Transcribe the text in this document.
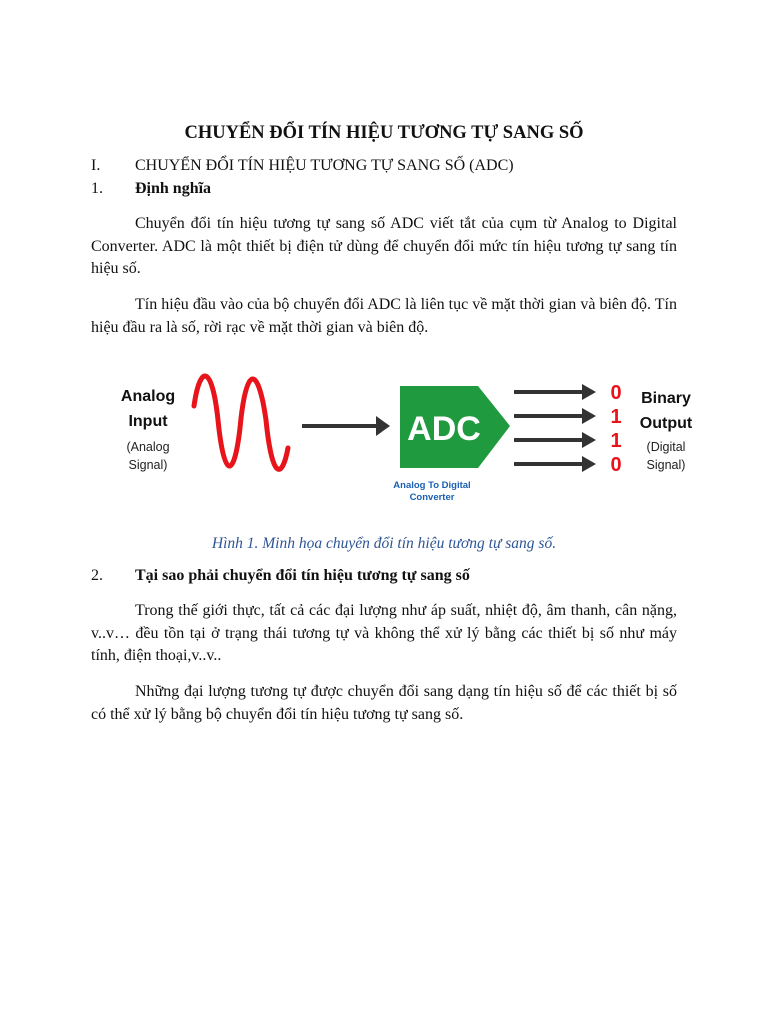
CHUYỂN ĐỔI TÍN HIỆU TƯƠNG TỰ SANG SỐ
I. CHUYỂN ĐỔI TÍN HIỆU TƯƠNG TỰ SANG SỐ (ADC)
1. Định nghĩa

Chuyển đổi tín hiệu tương tự sang số ADC viết tắt của cụm từ Analog to Digital Converter. ADC là một thiết bị điện tử dùng để chuyển đổi mức tín hiệu tương tự sang tín hiệu số.

Tín hiệu đầu vào của bộ chuyển đổi ADC là liên tục về mặt thời gian và biên độ. Tín hiệu đầu ra là số, rời rạc về mặt thời gian và biên độ.

Analog
Input
(Analog
Signal)
ADC
Analog To Digital
Converter
0
1
1
0
Binary
Output
(Digital
Signal)
Hình 1. Minh họa chuyển đổi tín hiệu tương tự sang số.
2. Tại sao phải chuyển đổi tín hiệu tương tự sang số

Trong thế giới thực, tất cả các đại lượng như áp suất, nhiệt độ, âm thanh, cân nặng, v..v… đều tồn tại ở trạng thái tương tự và không thể xử lý bằng các thiết bị số như máy tính, điện thoại,v..v..

Những đại lượng tương tự được chuyển đổi sang dạng tín hiệu số để các thiết bị số có thể xử lý bằng bộ chuyển đổi tín hiệu tương tự sang số.
